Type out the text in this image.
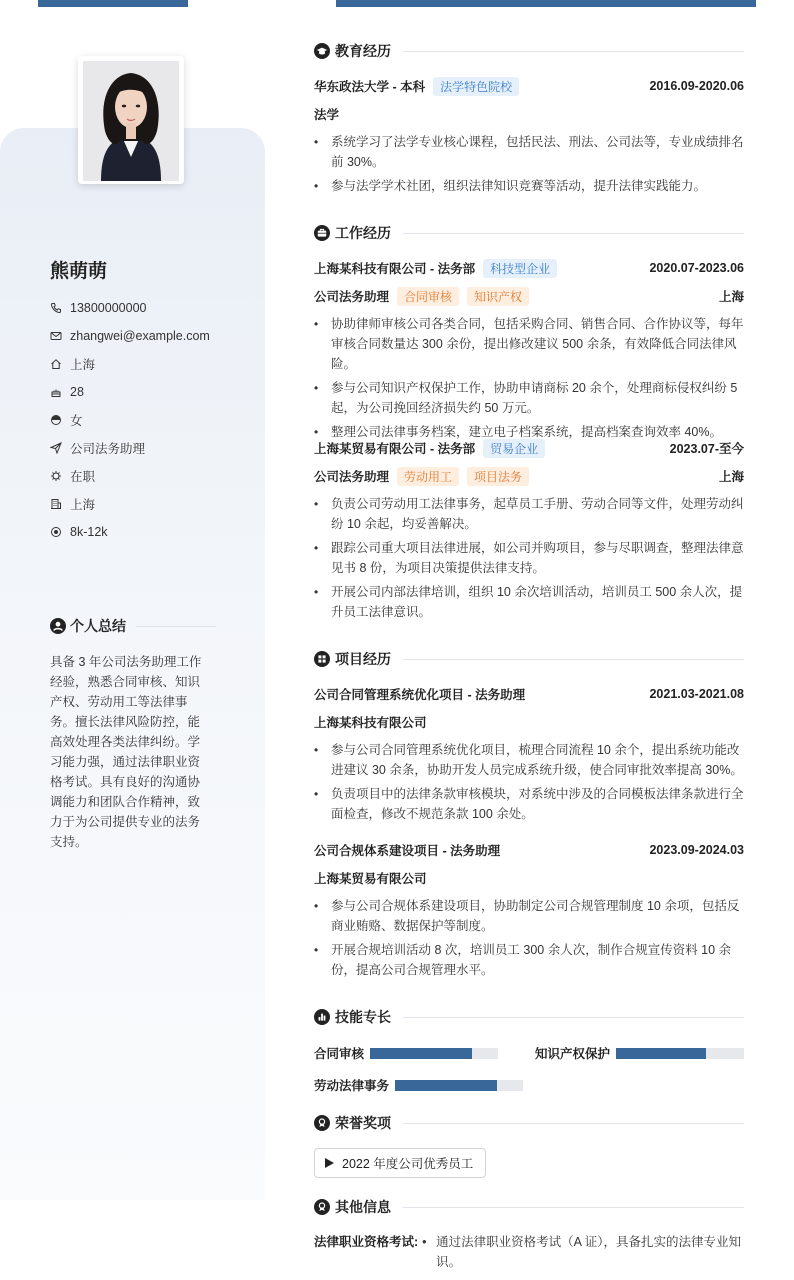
熊萌萌
13800000000
zhangwei@example.com
上海
28
女
公司法务助理
在职
上海
8k-12k
个人总结
具备 3 年公司法务助理工作经验，熟悉合同审核、知识产权、劳动用工等法律事务。擅长法律风险防控，能高效处理各类法律纠纷。学习能力强，通过法律职业资格考试。具有良好的沟通协调能力和团队合作精神，致力于为公司提供专业的法务支持。
教育经历
华东政法大学 - 本科	法学特色院校	2016.09-2020.06
法学
• 系统学习了法学专业核心课程，包括民法、刑法、公司法等，专业成绩排名前 30%。
• 参与法学学术社团，组织法律知识竞赛等活动，提升法律实践能力。
工作经历
上海某科技有限公司 - 法务部	科技型企业	2020.07-2023.06
公司法务助理	合同审核	知识产权	上海
• 协助律师审核公司各类合同，包括采购合同、销售合同、合作协议等，每年审核合同数量达 300 余份，提出修改建议 500 余条，有效降低合同法律风险。
• 参与公司知识产权保护工作，协助申请商标 20 余个，处理商标侵权纠纷 5 起，为公司挽回经济损失约 50 万元。
• 整理公司法律事务档案，建立电子档案系统，提高档案查询效率 40%。
上海某贸易有限公司 - 法务部	贸易企业	2023.07-至今
公司法务助理	劳动用工	项目法务	上海
• 负责公司劳动用工法律事务，起草员工手册、劳动合同等文件，处理劳动纠纷 10 余起，均妥善解决。
• 跟踪公司重大项目法律进展，如公司并购项目，参与尽职调查，整理法律意见书 8 份，为项目决策提供法律支持。
• 开展公司内部法律培训，组织 10 余次培训活动，培训员工 500 余人次，提升员工法律意识。
项目经历
公司合同管理系统优化项目 - 法务助理	2021.03-2021.08
上海某科技有限公司
• 参与公司合同管理系统优化项目，梳理合同流程 10 余个，提出系统功能改进建议 30 余条，协助开发人员完成系统升级，使合同审批效率提高 30%。
• 负责项目中的法律条款审核模块，对系统中涉及的合同模板法律条款进行全面检查，修改不规范条款 100 余处。
公司合规体系建设项目 - 法务助理	2023.09-2024.03
上海某贸易有限公司
• 参与公司合规体系建设项目，协助制定公司合规管理制度 10 余项，包括反商业贿赂、数据保护等制度。
• 开展合规培训活动 8 次，培训员工 300 余人次，制作合规宣传资料 10 余份，提高公司合规管理水平。
技能专长
合同审核	知识产权保护
劳动法律事务
荣誉奖项
2022 年度公司优秀员工
其他信息
法律职业资格考试:
•	通过法律职业资格考试（A 证），具备扎实的法律专业知识。
